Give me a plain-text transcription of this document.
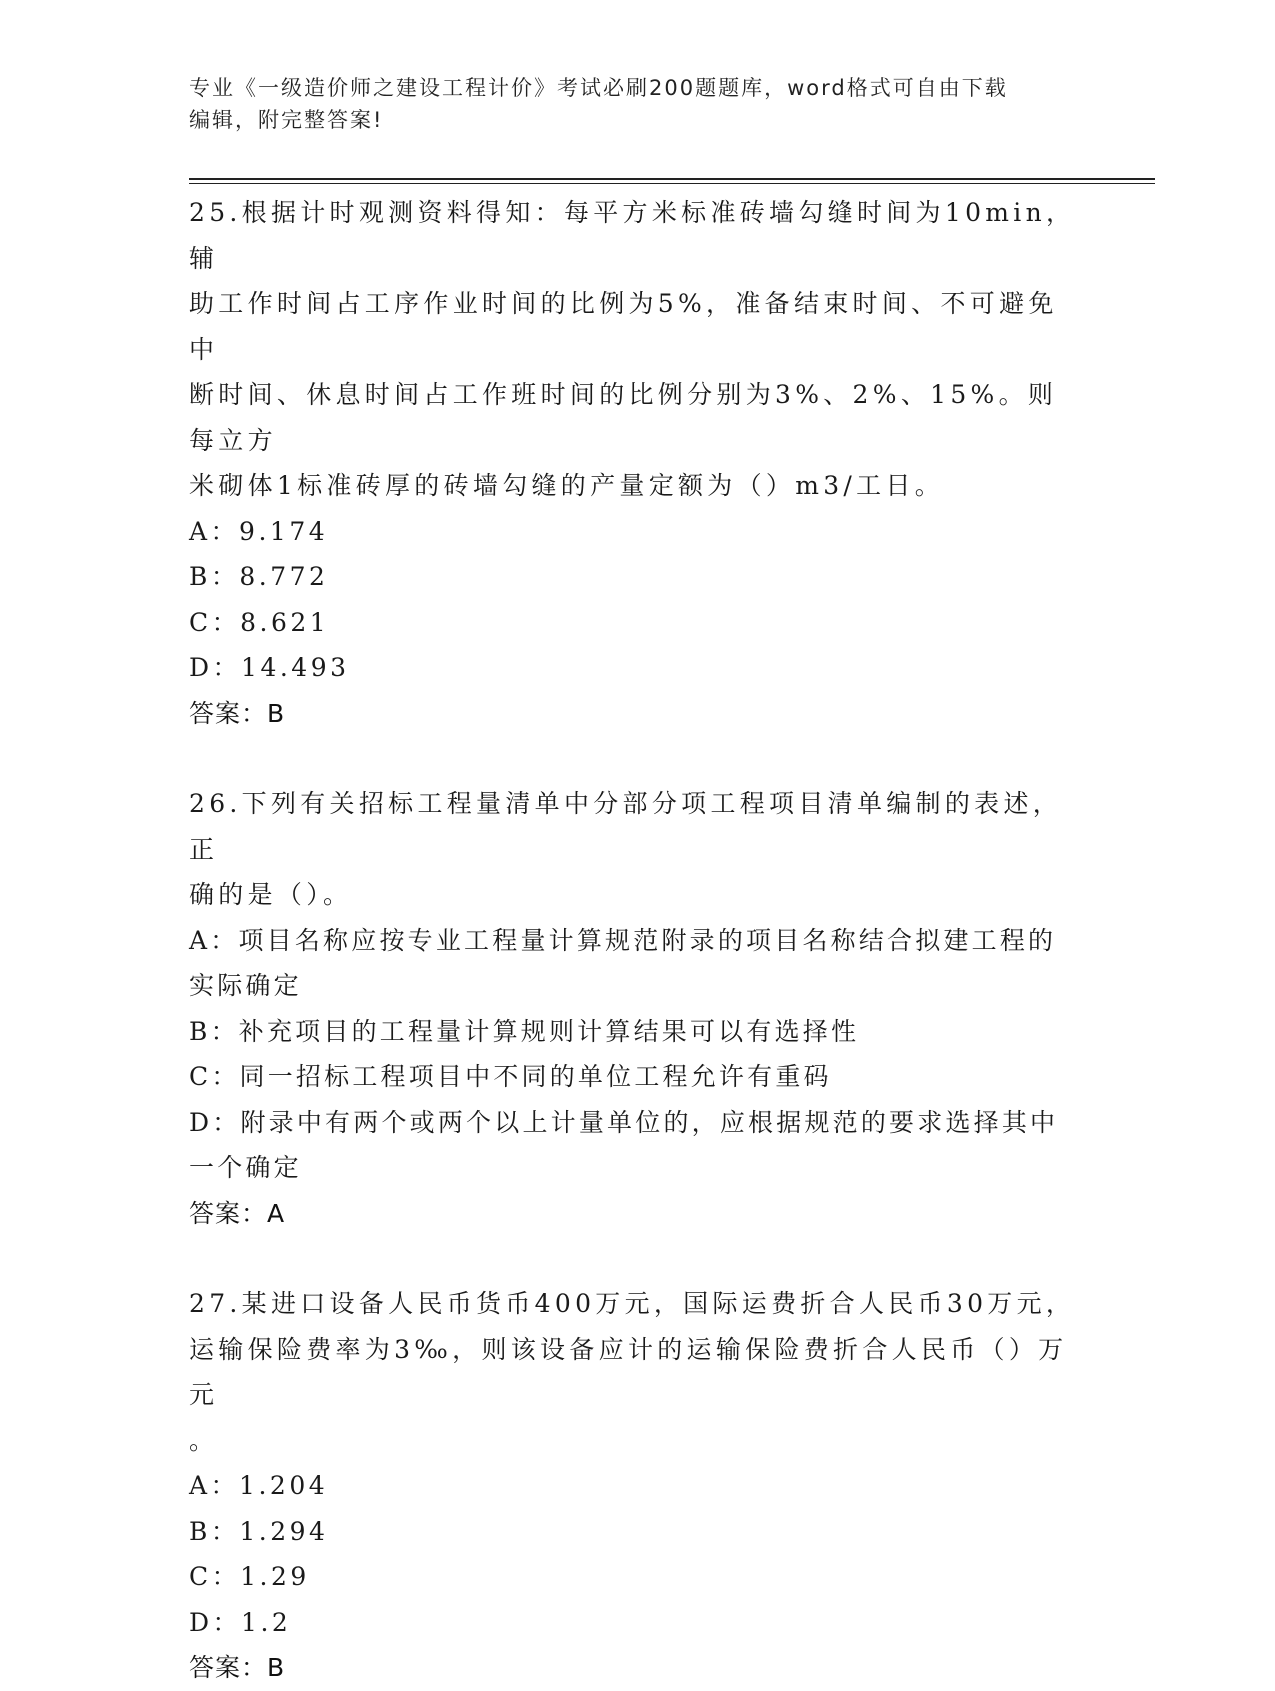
专业《一级造价师之建设工程计价》考试必刷200题题库，word格式可自由下载
编辑，附完整答案!
25.根据计时观测资料得知：每平方米标准砖墙勾缝时间为10min，辅
助工作时间占工序作业时间的比例为5%，准备结束时间、不可避免中
断时间、休息时间占工作班时间的比例分别为3%、2%、15%。则每立方
米砌体1标准砖厚的砖墙勾缝的产量定额为（）m3/工日。
A：9.174
B：8.772
C：8.621
D：14.493
答案：B
26.下列有关招标工程量清单中分部分项工程项目清单编制的表述，正
确的是（）。
A：项目名称应按专业工程量计算规范附录的项目名称结合拟建工程的
实际确定
B：补充项目的工程量计算规则计算结果可以有选择性
C：同一招标工程项目中不同的单位工程允许有重码
D：附录中有两个或两个以上计量单位的，应根据规范的要求选择其中
一个确定
答案：A
27.某进口设备人民币货币400万元，国际运费折合人民币30万元，
运输保险费率为3‰，则该设备应计的运输保险费折合人民币（）万元
。
A：1.204
B：1.294
C：1.29
D：1.2
答案：B
